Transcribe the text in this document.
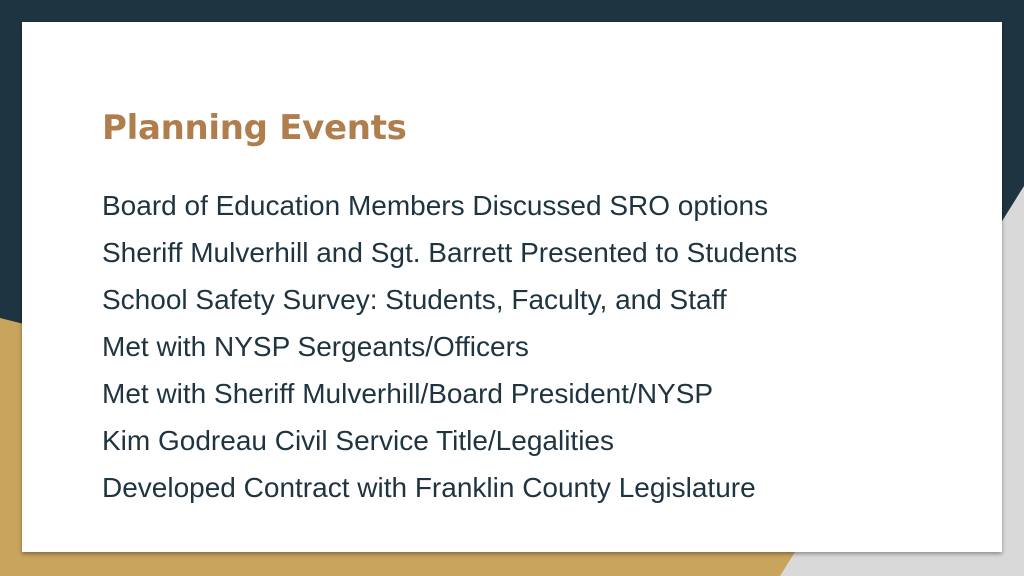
Planning Events
Board of Education Members Discussed SRO options
Sheriff Mulverhill and Sgt. Barrett Presented to Students
School Safety Survey: Students, Faculty, and Staff
Met with NYSP Sergeants/Officers
Met with Sheriff Mulverhill/Board President/NYSP
Kim Godreau Civil Service Title/Legalities
Developed Contract with Franklin County Legislature
